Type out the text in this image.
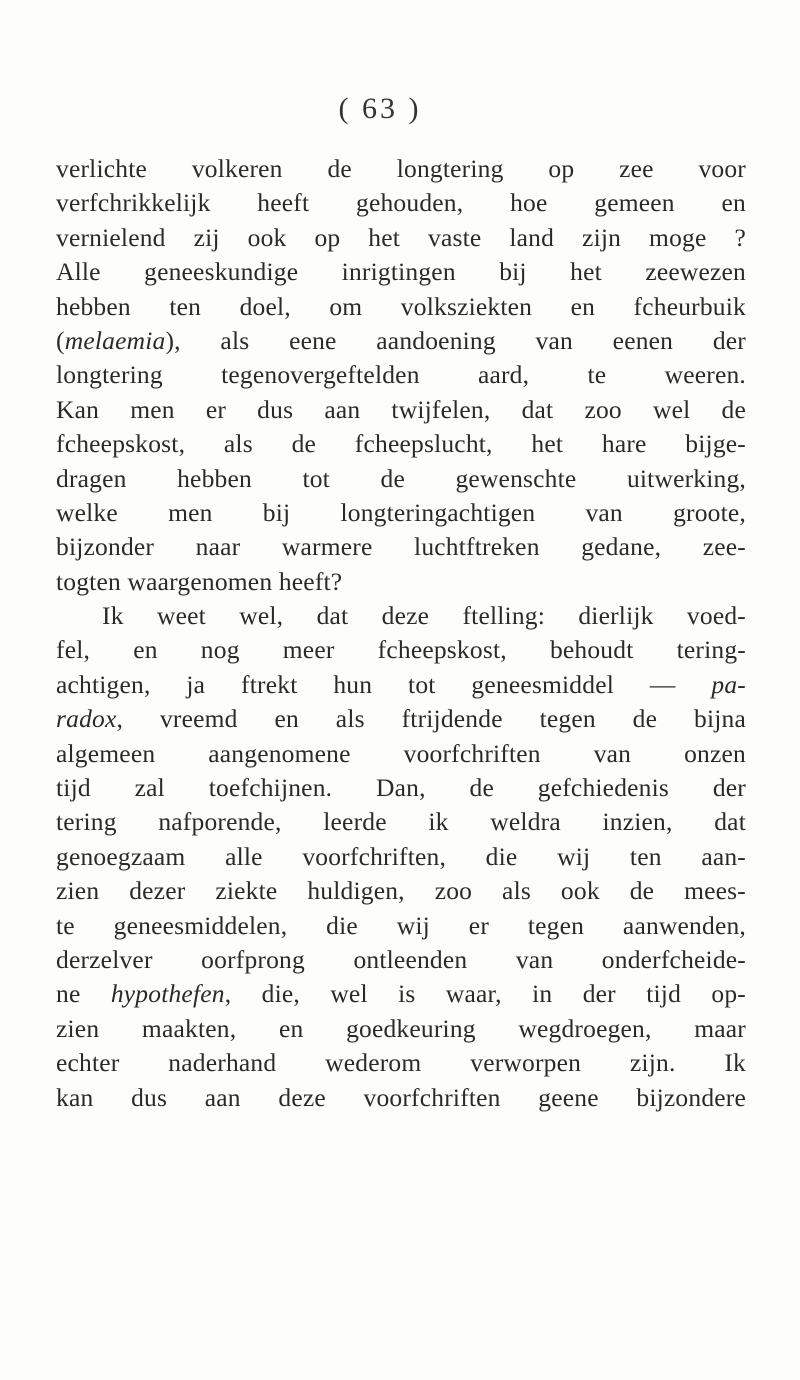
( 63 )
verlichte volkeren de longtering op zee voor
verfchrikkelijk heeft gehouden, hoe gemeen en
vernielend zij ook op het vaste land zijn moge ?
Alle geneeskundige inrigtingen bij het zeewezen
hebben ten doel, om volksziekten en fcheurbuik
(melaemia), als eene aandoening van eenen der
longtering tegenovergeftelden aard, te weeren.
Kan men er dus aan twijfelen, dat zoo wel de
fcheepskost, als de fcheepslucht, het hare bijge-
dragen hebben tot de gewenschte uitwerking,
welke men bij longteringachtigen van groote,
bijzonder naar warmere luchtftreken gedane, zee-
togten waargenomen heeft?
Ik weet wel, dat deze ftelling: dierlijk voed-
fel, en nog meer fcheepskost, behoudt tering-
achtigen, ja ftrekt hun tot geneesmiddel — pa-
radox, vreemd en als ftrijdende tegen de bijna
algemeen aangenomene voorfchriften van onzen
tijd zal toefchijnen. Dan, de gefchiedenis der
tering nafporende, leerde ik weldra inzien, dat
genoegzaam alle voorfchriften, die wij ten aan-
zien dezer ziekte huldigen, zoo als ook de mees-
te geneesmiddelen, die wij er tegen aanwenden,
derzelver oorfprong ontleenden van onderfcheide-
ne hypothefen, die, wel is waar, in der tijd op-
zien maakten, en goedkeuring wegdroegen, maar
echter naderhand wederom verworpen zijn. Ik
kan dus aan deze voorfchriften geene bijzondere
